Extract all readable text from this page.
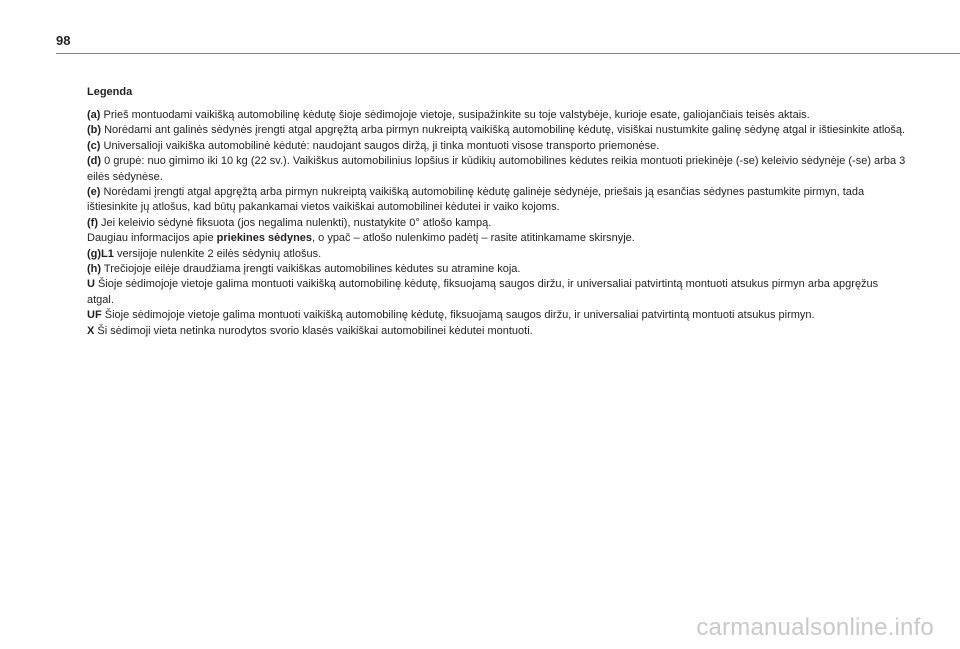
98
Legenda

(a) Prieš montuodami vaikišką automobilinę kėdutę šioje sėdimojoje vietoje, susipažinkite su toje valstybėje, kurioje esate, galiojančiais teisės aktais.

(b) Norėdami ant galinės sėdynės įrengti atgal apgręžtą arba pirmyn nukreiptą vaikišką automobilinę kėdutę, visiškai nustumkite galinę sėdynę atgal ir ištiesinkite atlošą.

(c) Universalioji vaikiška automobilinė kėdutė: naudojant saugos diržą, ji tinka montuoti visose transporto priemonėse.

(d) 0 grupė: nuo gimimo iki 10 kg (22 sv.). Vaikiškus automobilinius lopšius ir kūdikių automobilines kėdutes reikia montuoti priekinėje (-se) keleivio sėdynėje (-se) arba 3 eilės sėdynėse.

(e) Norėdami įrengti atgal apgręžtą arba pirmyn nukreiptą vaikišką automobilinę kėdutę galinėje sėdynėje, priešais ją esančias sėdynes pastumkite pirmyn, tada ištiesinkite jų atlošus, kad būtų pakankamai vietos vaikiškai automobilinei kėdutei ir vaiko kojoms.

(f) Jei keleivio sėdynė fiksuota (jos negalima nulenkti), nustatykite 0° atlošo kampą.

Daugiau informacijos apie priekines sėdynes, o ypač – atlošo nulenkimo padėtį – rasite atitinkamame skirsnyje.

(g)L1 versijoje nulenkite 2 eilės sėdynių atlošus.

(h) Trečiojoje eilėje draudžiama įrengti vaikiškas automobilines kėdutes su atramine koja.

U Šioje sėdimojoje vietoje galima montuoti vaikišką automobilinę kėdutę, fiksuojamą saugos diržu, ir universaliai patvirtintą montuoti atsukus pirmyn arba apgręžus atgal.

UF Šioje sėdimojoje vietoje galima montuoti vaikišką automobilinę kėdutę, fiksuojamą saugos diržu, ir universaliai patvirtintą montuoti atsukus pirmyn.

X Ši sėdimoji vieta netinka nurodytos svorio klasės vaikiškai automobilinei kėdutei montuoti.

carmanualsonline.info
